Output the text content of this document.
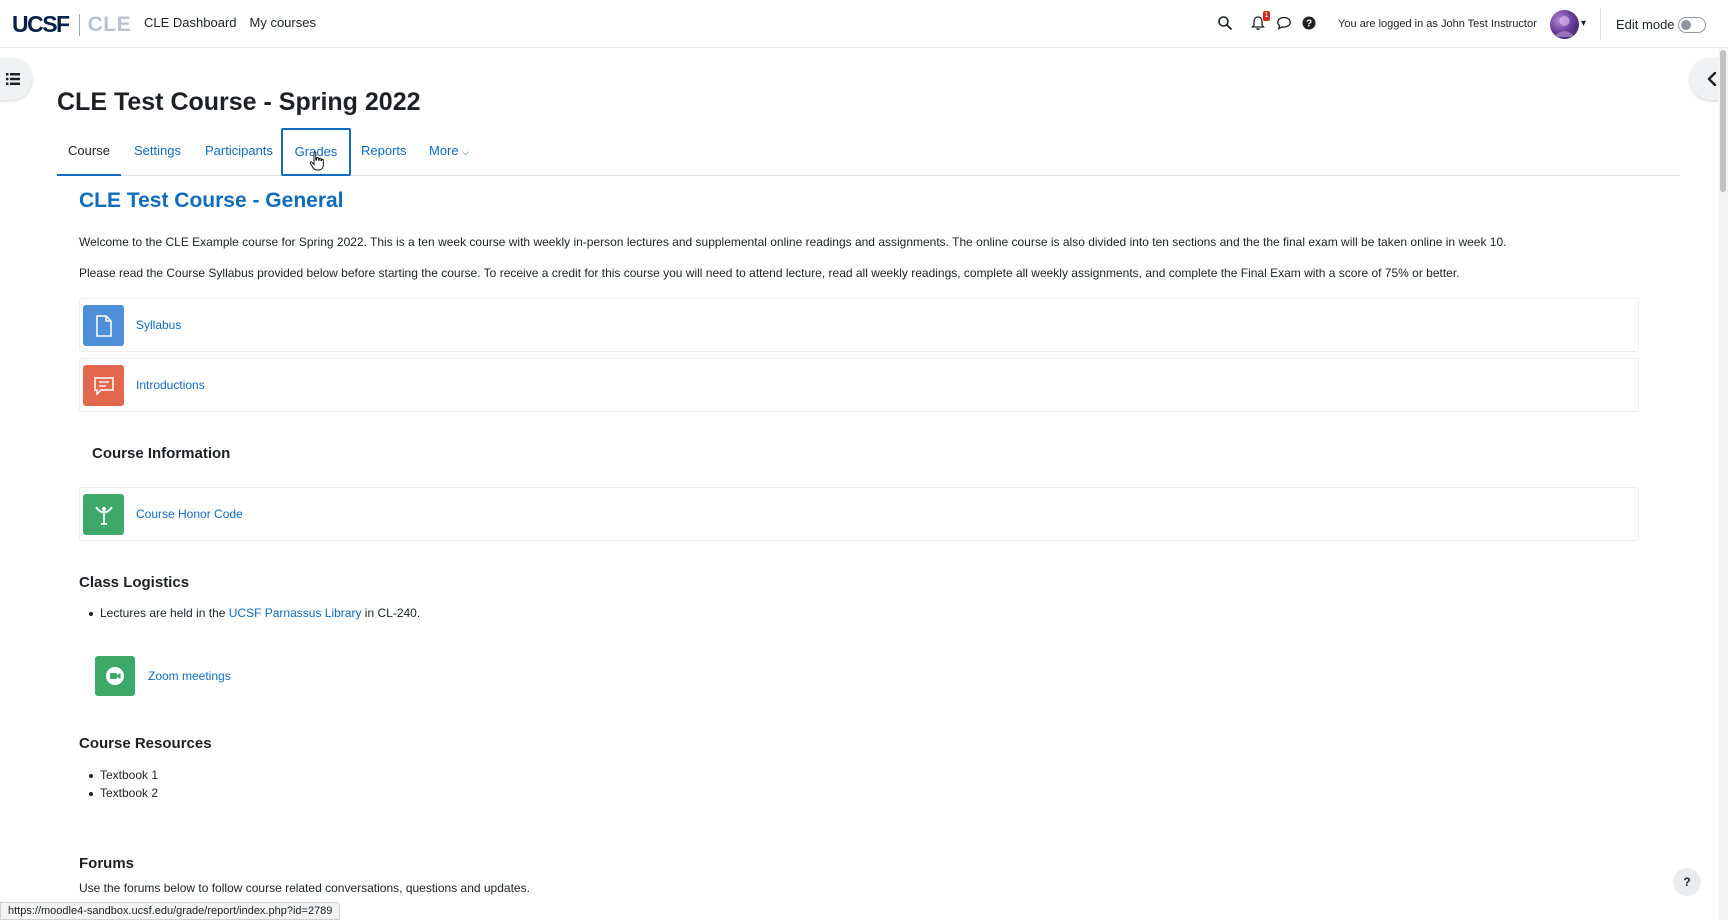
UCSF CLE CLE Dashboard My courses	1
? You are logged in as John Test Instructor	▾ Edit mode
CLE Test Course - Spring 2022
Course	Settings Participants	Grades	Reports More ⌵
CLE Test Course - General

Welcome to the CLE Example course for Spring 2022. This is a ten week course with weekly in-person lectures and supplemental online readings and assignments. The online course is also divided into ten sections and the the final exam will be taken online in week 10.

Please read the Course Syllabus provided below before starting the course. To receive a credit for this course you will need to attend lecture, read all weekly readings, complete all weekly assignments, and complete the Final Exam with a score of 75% or better.

Syllabus
Introductions
Course Information
Course Honor Code
Class Logistics

Lectures are held in the UCSF Parnassus Library in CL-240.

Zoom meetings
Course Resources

Textbook 1

Textbook 2

Forums

Use the forums below to follow course related conversations, questions and updates.

https://moodle4-sandbox.ucsf.edu/grade/report/index.php?id=2789
?
